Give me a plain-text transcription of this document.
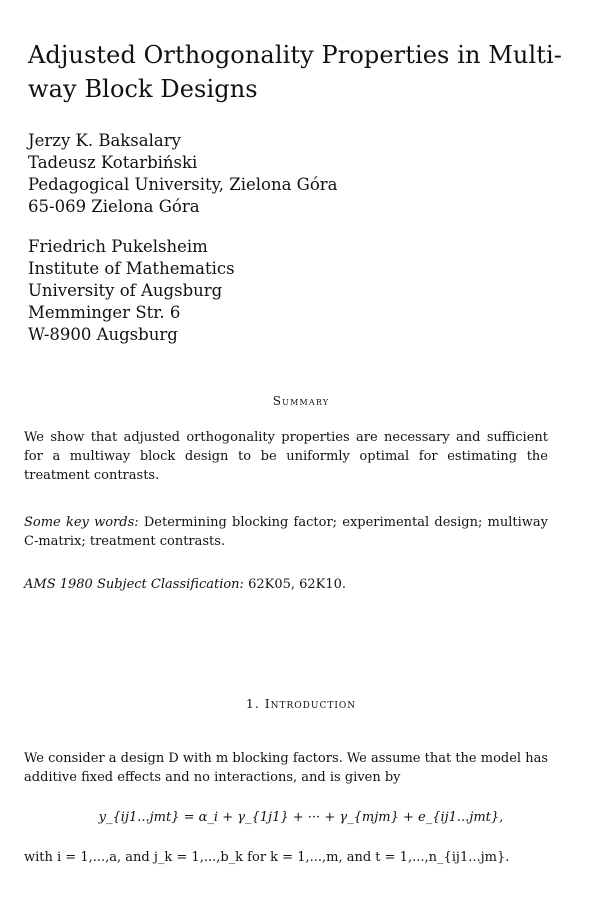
Adjusted Orthogonality Properties in Multi-way Block Designs
Jerzy K. Baksalary
Tadeusz Kotarbiński
Pedagogical University, Zielona Góra
65-069 Zielona Góra
Friedrich Pukelsheim
Institute of Mathematics
University of Augsburg
Memminger Str. 6
W-8900 Augsburg
Summary

We show that adjusted orthogonality properties are necessary and sufficient for a multiway block design to be uniformly optimal for estimating the treatment contrasts.

Some key words: Determining blocking factor; experimental design; multiway C-matrix; treatment contrasts.

AMS 1980 Subject Classification: 62K05, 62K10.

1. Introduction

We consider a design D with m blocking factors. We assume that the model has additive fixed effects and no interactions, and is given by

y_{ij1...jmt} = α_i + γ_{1j1} + ··· + γ_{mjm} + e_{ij1...jmt},
with i = 1,...,a, and j_k = 1,...,b_k for k = 1,...,m, and t = 1,...,n_{ij1...jm}.
